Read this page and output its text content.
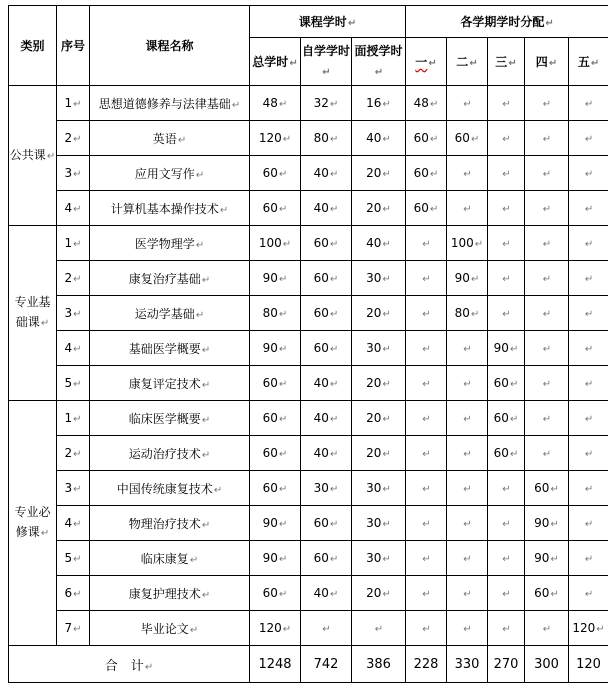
类别	序号	课程名称	课程学时↵			各学期学时分配↵				
			总学时↵	自学学时↵	面授学时↵	一↵	二↵	三↵	四↵	五↵
公共课↵	1↵	思想道德修养与法律基础↵	48↵	32↵	16↵	48↵	↵	↵	↵	↵
	2↵	英语↵	120↵	80↵	40↵	60↵	60↵	↵	↵	↵
	3↵	应用文写作↵	60↵	40↵	20↵	60↵	↵	↵	↵	↵
	4↵	计算机基本操作技术↵	60↵	40↵	20↵	60↵	↵	↵	↵	↵
专业基础课↵	1↵	医学物理学↵	100↵	60↵	40↵	↵	100↵	↵	↵	↵
	2↵	康复治疗基础↵	90↵	60↵	30↵	↵	90↵	↵	↵	↵
	3↵	运动学基础↵	80↵	60↵	20↵	↵	80↵	↵	↵	↵
	4↵	基础医学概要↵	90↵	60↵	30↵	↵	↵	90↵	↵	↵
	5↵	康复评定技术↵	60↵	40↵	20↵	↵	↵	60↵	↵	↵
专业必修课↵	1↵	临床医学概要↵	60↵	40↵	20↵	↵	↵	60↵	↵	↵
	2↵	运动治疗技术↵	60↵	40↵	20↵	↵	↵	60↵	↵	↵
	3↵	中国传统康复技术↵	60↵	30↵	30↵	↵	↵	↵	60↵	↵
	4↵	物理治疗技术↵	90↵	60↵	30↵	↵	↵	↵	90↵	↵
	5↵	临床康复↵	90↵	60↵	30↵	↵	↵	↵	90↵	↵
	6↵	康复护理技术↵	60↵	40↵	20↵	↵	↵	↵	60↵	↵
	7↵	毕业论文↵	120↵	↵	↵	↵	↵	↵	↵	120↵
合　计↵			1248	742	386	228	330	270	300	120
